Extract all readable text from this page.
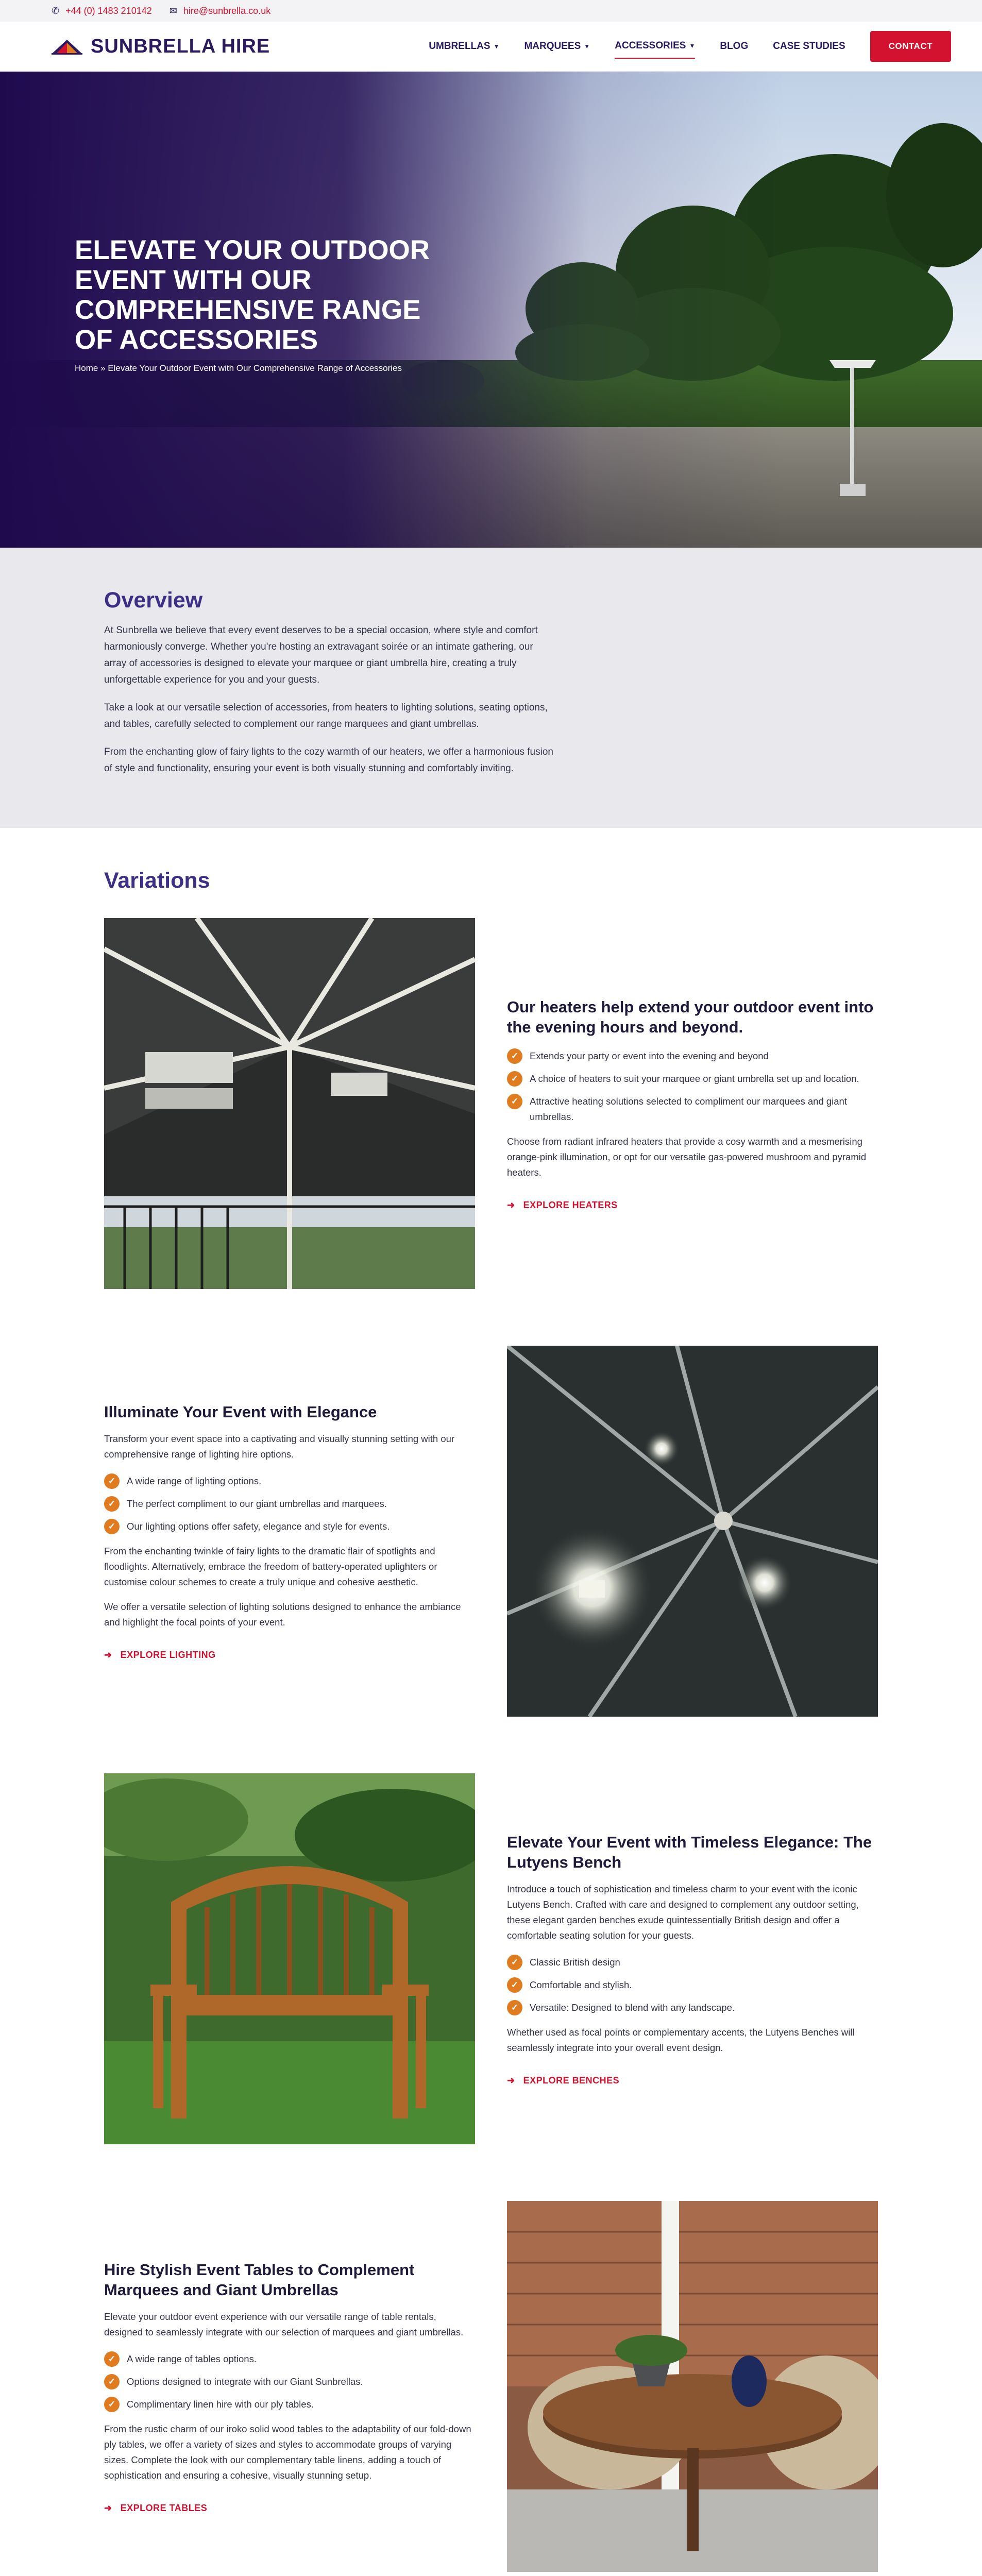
✆ +44 (0) 1483 210142 ✉ hire@sunbrella.co.uk
SUNBRELLA HIRE	UMBRELLAS ▼	MARQUEES ▼	ACCESSORIES ▼	BLOG	CASE STUDIES	CONTACT
ELEVATE YOUR OUTDOOR EVENT WITH OUR COMPREHENSIVE RANGE OF ACCESSORIES
Home » Elevate Your Outdoor Event with Our Comprehensive Range of Accessories
Overview

At Sunbrella we believe that every event deserves to be a special occasion, where style and comfort harmoniously converge. Whether you're hosting an extravagant soirée or an intimate gathering, our array of accessories is designed to elevate your marquee or giant umbrella hire, creating a truly unforgettable experience for you and your guests.

Take a look at our versatile selection of accessories, from heaters to lighting solutions, seating options, and tables, carefully selected to complement our range marquees and giant umbrellas.

From the enchanting glow of fairy lights to the cozy warmth of our heaters, we offer a harmonious fusion of style and functionality, ensuring your event is both visually stunning and comfortably inviting.

Variations
Our heaters help extend your outdoor event into the evening hours and beyond.
✓	Extends your party or event into the evening and beyond
✓	A choice of heaters to suit your marquee or giant umbrella set up and location.
✓	Attractive heating solutions selected to compliment our marquees and giant umbrellas.

Choose from radiant infrared heaters that provide a cosy warmth and a mesmerising orange-pink illumination, or opt for our versatile gas-powered mushroom and pyramid heaters.

➜ EXPLORE HEATERS
Illuminate Your Event with Elegance

Transform your event space into a captivating and visually stunning setting with our comprehensive range of lighting hire options.

✓	A wide range of lighting options.
✓	The perfect compliment to our giant umbrellas and marquees.
✓	Our lighting options offer safety, elegance and style for events.

From the enchanting twinkle of fairy lights to the dramatic flair of spotlights and floodlights. Alternatively, embrace the freedom of battery-operated uplighters or customise colour schemes to create a truly unique and cohesive aesthetic.

We offer a versatile selection of lighting solutions designed to enhance the ambiance and highlight the focal points of your event.

➜ EXPLORE LIGHTING
Elevate Your Event with Timeless Elegance: The Lutyens Bench

Introduce a touch of sophistication and timeless charm to your event with the iconic Lutyens Bench. Crafted with care and designed to complement any outdoor setting, these elegant garden benches exude quintessentially British design and offer a comfortable seating solution for your guests.

✓	Classic British design
✓	Comfortable and stylish.
✓	Versatile: Designed to blend with any landscape.

Whether used as focal points or complementary accents, the Lutyens Benches will seamlessly integrate into your overall event design.

➜ EXPLORE BENCHES
Hire Stylish Event Tables to Complement Marquees and Giant Umbrellas

Elevate your outdoor event experience with our versatile range of table rentals, designed to seamlessly integrate with our selection of marquees and giant umbrellas.

✓	A wide range of tables options.
✓	Options designed to integrate with our Giant Sunbrellas.
✓	Complimentary linen hire with our ply tables.

From the rustic charm of our iroko solid wood tables to the adaptability of our fold-down ply tables, we offer a variety of sizes and styles to accommodate groups of varying sizes. Complete the look with our complementary table linens, adding a touch of sophistication and ensuring a cohesive, visually stunning setup.

➜ EXPLORE TABLES
